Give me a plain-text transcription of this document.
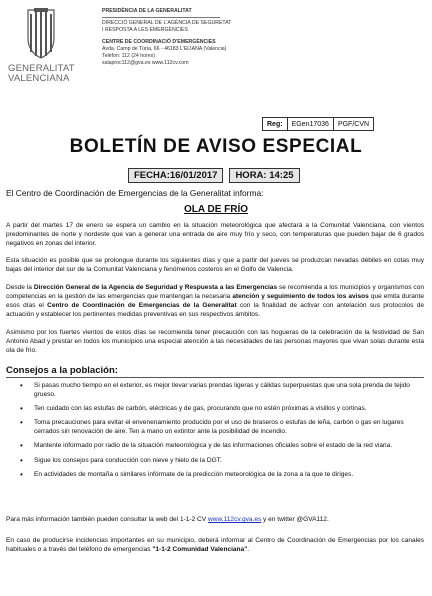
GENERALITAT
VALENCIANA
PRESIDÈNCIA DE LA GENERALITAT
DIRECCIÓ GENERAL DE L'AGÈNCIA DE SEGURETAT
I RESPOSTA A LES EMERGÈNCIES
CENTRE DE COORDINACIÓ D'EMERGÈNCIES
Avda. Camp de Túria, 66 - 46183 L'ELIANA (Valencia)
Telèfon: 112 (24 hores)
salaproc112@gva.es www.112cv.com
Reg:	EGen17036	PGF/CVN
BOLETÍN DE AVISO ESPECIAL
FECHA:16/01/2017		HORA: 14:25
El Centro de Coordinación de Emergencias de la Generalitat informa:
OLA DE FRÍO
A partir del martes 17 de enero se espera un cambio en la situación meteorológica que afectará a la Comunitat Valenciana, con vientos predominantes de norte y nordeste que van a generar una entrada de aire muy frío y seco, con temperaturas que pueden bajar de 6 grados negativos en zonas del interior.
Esta situación es posible que se prolongue durante los siguientes días y que a partir del jueves se produzcan nevadas débiles en cotas muy bajas del interior del sur de la Comunitat Valenciana y fenómenos costeros en el Golfo de Valencia.
Desde la Dirección General de la Agencia de Seguridad y Respuesta a las Emergencias se recomienda a los municipios y organismos con competencias en la gestión de las emergencias que mantengan la necesaria atención y seguimiento de todos los avisos que emita durante esos días el Centro de Coordinación de Emergencias de la Generalitat con la finalidad de activar con antelación sus protocolos de actuación y establecer los pertinentes medidas preventivas en sus respectivos ámbitos.
Asimismo por los fuertes vientos de estos días se recomienda tener precaución con las hogueras de la celebración de la festividad de San Antonio Abad y prestar en todos los municipios una especial atención a las necesidades de las personas mayores que vivan solas durante esta ola de frío.
Consejos a la población:
• Si pasas mucho tiempo en el exterior, es mejor llevar varias prendas ligeras y cálidas superpuestas que una sola prenda de tejido grueso.
• Ten cuidado con las estufas de carbón, eléctricas y de gas, procurando que no estén próximas a visillos y cortinas.
• Toma precauciones para evitar el envenenamiento producido por el uso de braseros o estufas de leña, carbón o gas en lugares cerrados sin renovación de aire. Ten a mano un extintor ante la posibilidad de incendio.
• Mantente informado por radio de la situación meteorológica y de las informaciones oficiales sobre el estado de la red viaria.
• Sigue los consejos para conducción con nieve y hielo de la DGT.
• En actividades de montaña o similares infórmate de la predicción meteorológica de la zona a la que te diriges.
Para más información también pueden consultar la web del 1-1-2 CV www.112cv.gva.es y en twitter @GVA112.
En caso de producirse incidencias importantes en su municipio, deberá informar al Centro de Coordinación de Emergencias por los canales habituales o a través del teléfono de emergencias "1-1-2 Comunidad Valenciana".
